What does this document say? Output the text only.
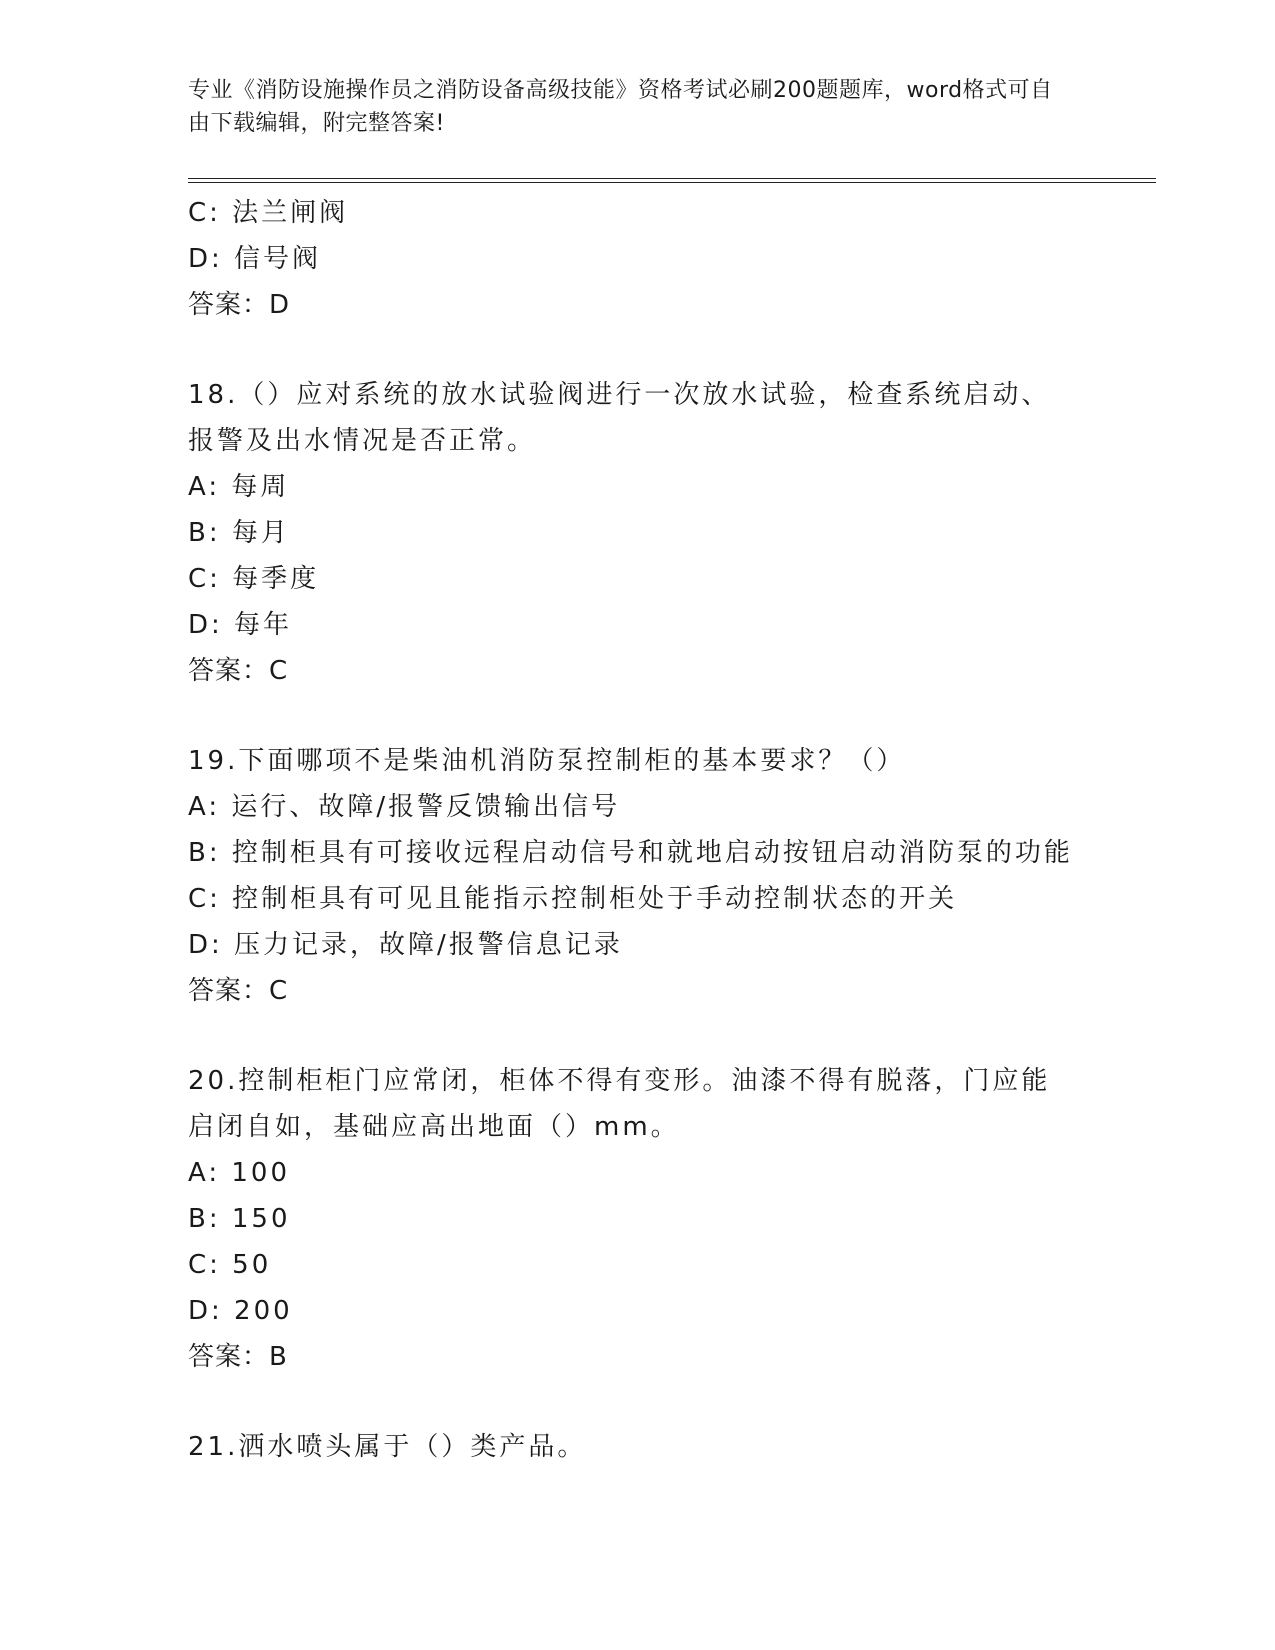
专业《消防设施操作员之消防设备高级技能》资格考试必刷200题题库，word格式可自由下载编辑，附完整答案!
C: 法兰闸阀
D: 信号阀
答案：D
18.（）应对系统的放水试验阀进行一次放水试验，检查系统启动、报警及出水情况是否正常。
A: 每周
B: 每月
C: 每季度
D: 每年
答案：C
19.下面哪项不是柴油机消防泵控制柜的基本要求？（）
A: 运行、故障/报警反馈输出信号
B: 控制柜具有可接收远程启动信号和就地启动按钮启动消防泵的功能
C: 控制柜具有可见且能指示控制柜处于手动控制状态的开关
D: 压力记录，故障/报警信息记录
答案：C
20.控制柜柜门应常闭，柜体不得有变形。油漆不得有脱落，门应能启闭自如，基础应高出地面（）mm。
A: 100
B: 150
C: 50
D: 200
答案：B
21.洒水喷头属于（）类产品。
